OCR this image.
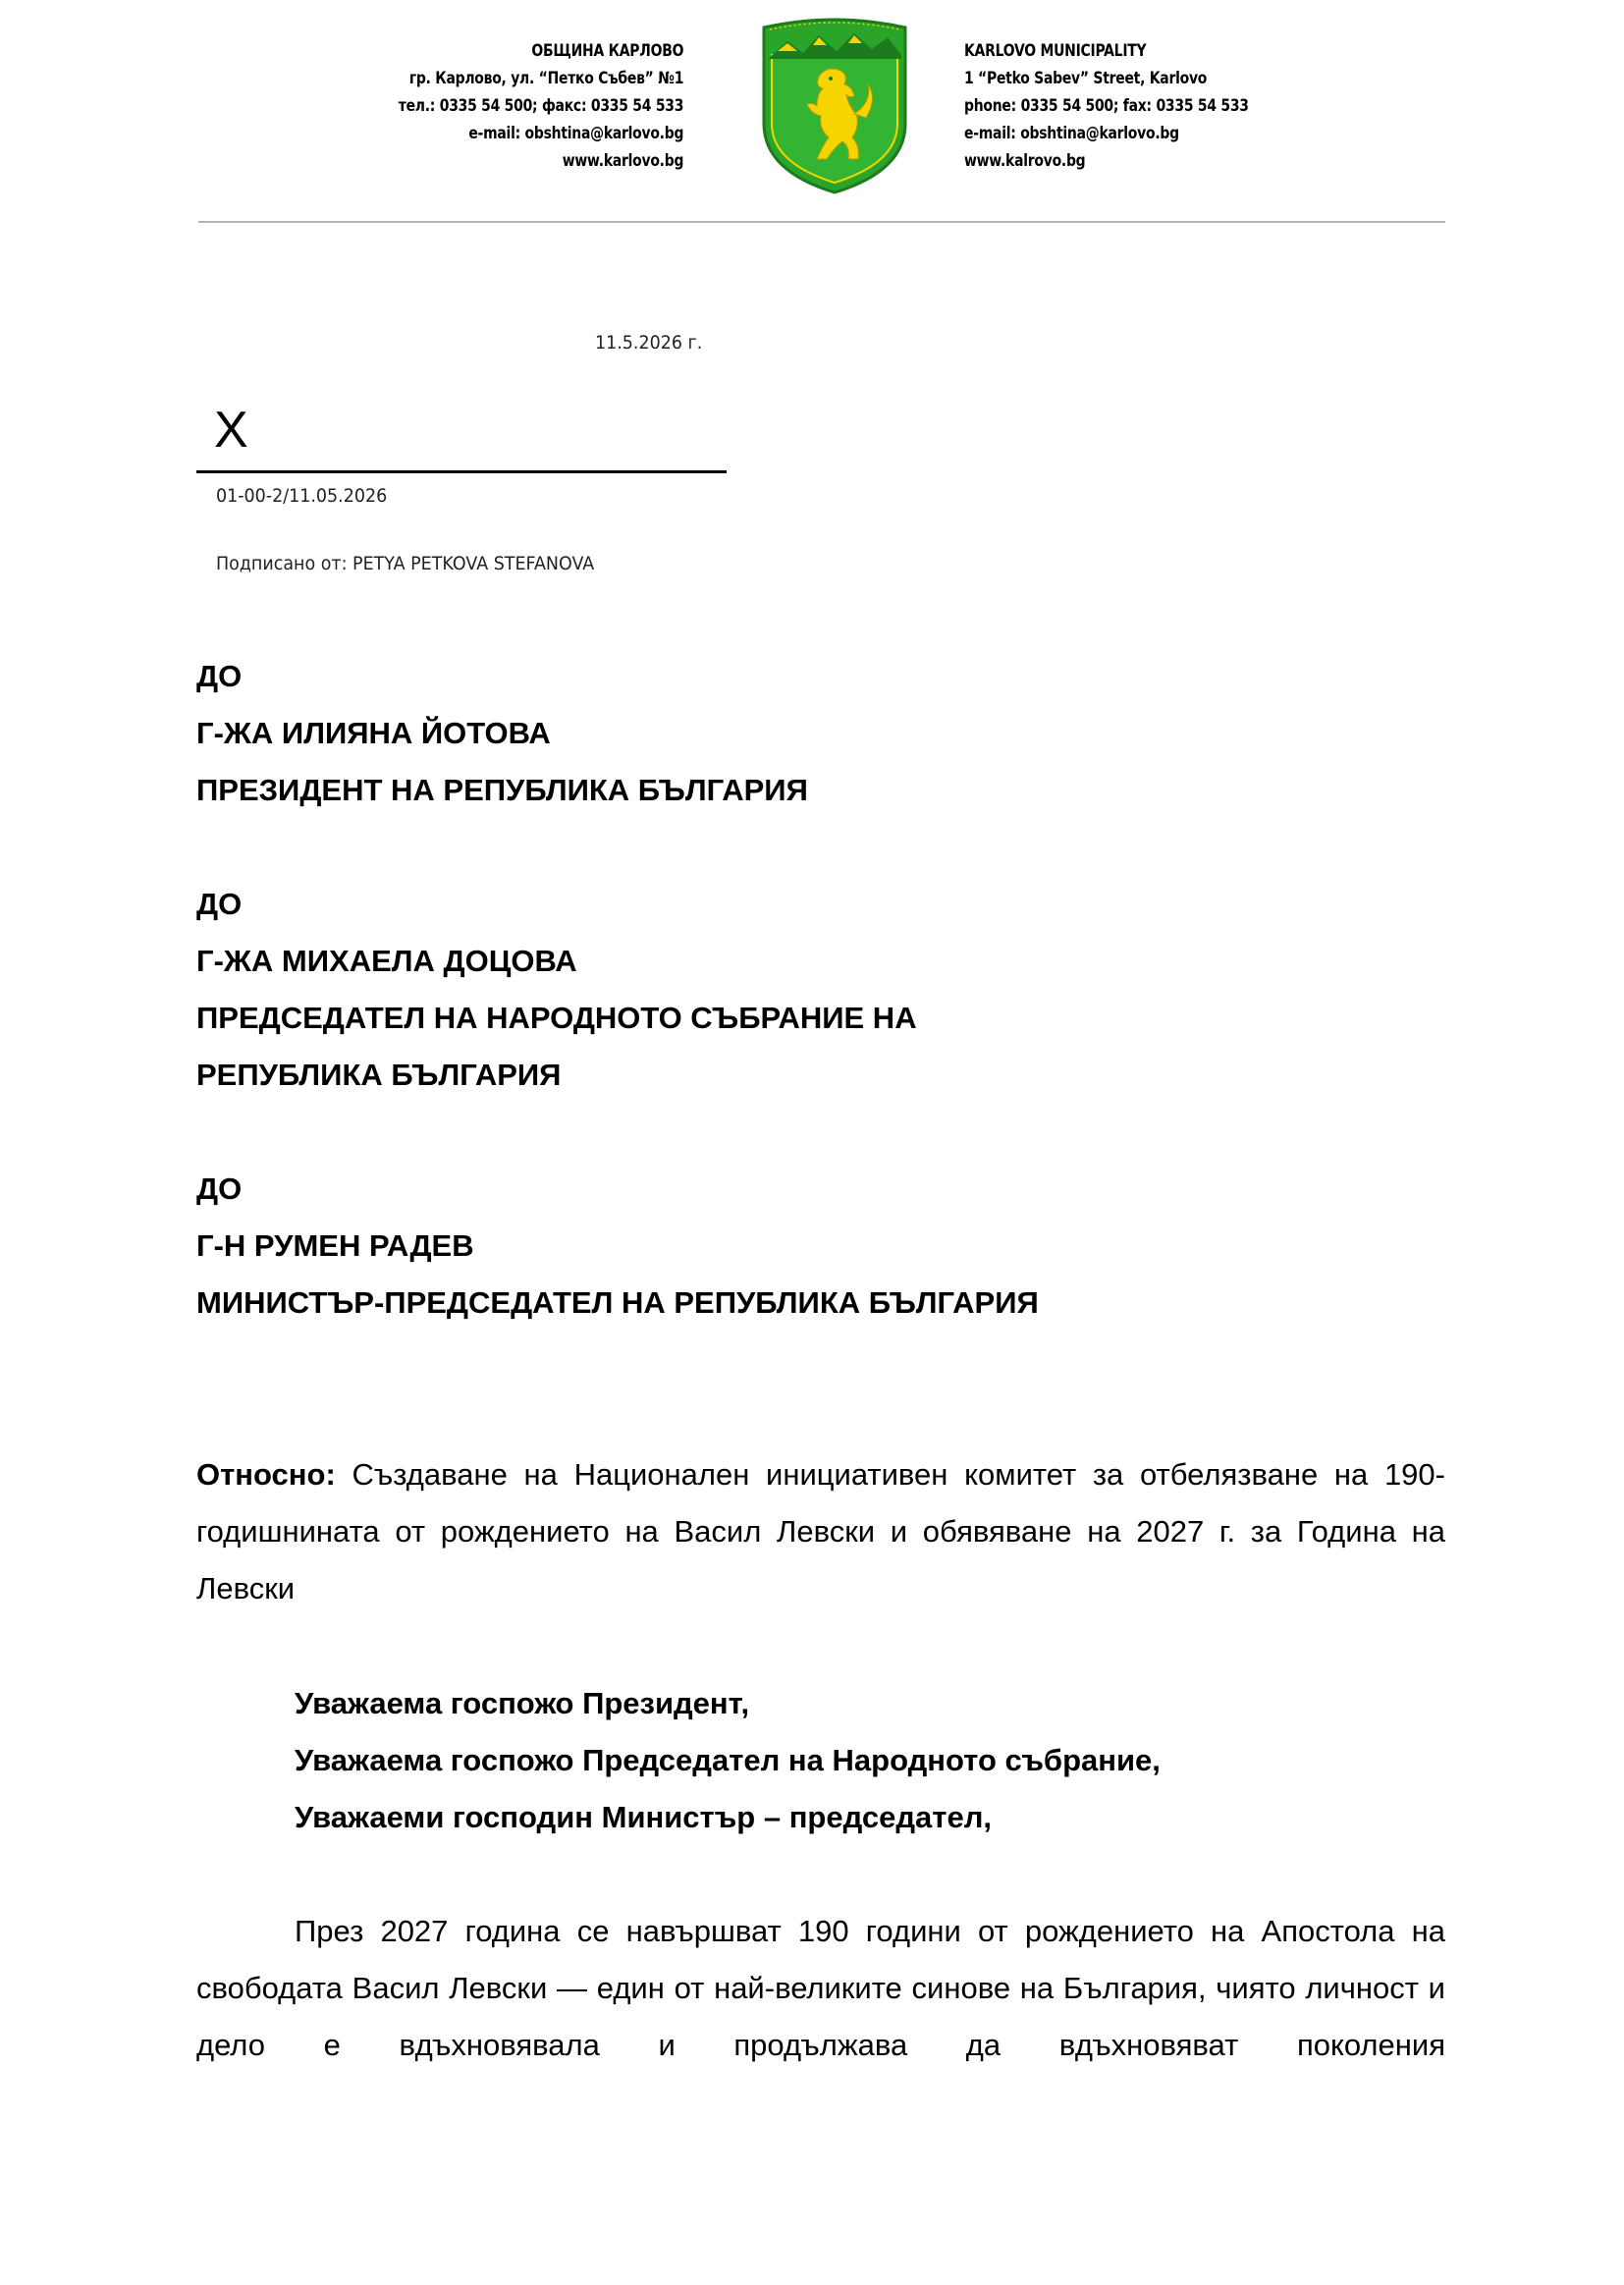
ОБЩИНА КАРЛОВО
гр. Карлово, ул. “Петко Събев” №1
тел.: 0335 54 500; факс: 0335 54 533
e-mail: obshtina@karlovo.bg
www.karlovo.bg
KARLOVO MUNICIPALITY
1 “Petko Sabev” Street, Karlovo
phone: 0335 54 500; fax: 0335 54 533
e-mail: obshtina@karlovo.bg
www.kalrovo.bg
11.5.2026 г.
X
01-00-2/11.05.2026
Подписано от: PETYA PETKOVA STEFANOVA
ДО
Г-ЖА ИЛИЯНА ЙОТОВА
ПРЕЗИДЕНТ НА РЕПУБЛИКА БЪЛГАРИЯ
ДО
Г-ЖА МИХАЕЛА ДОЦОВА
ПРЕДСЕДАТЕЛ НА НАРОДНОТО СЪБРАНИЕ НА
РЕПУБЛИКА БЪЛГАРИЯ
ДО
Г-Н РУМЕН РАДЕВ
МИНИСТЪР-ПРЕДСЕДАТЕЛ НА РЕПУБЛИКА БЪЛГАРИЯ
Относно: Създаване на Национален инициативен комитет за отбелязване на 190-годишнината от рождението на Васил Левски и обявяване на 2027 г. за Година на Левски
Уважаема госпожо Президент,
Уважаема госпожо Председател на Народното събрание,
Уважаеми господин Министър – председател,
През 2027 година се навършват 190 години от рождението на Апостола на свободата Васил Левски — един от най-великите синове на България, чиято личност и дело е вдъхновявала и продължава да вдъхновяват поколения
